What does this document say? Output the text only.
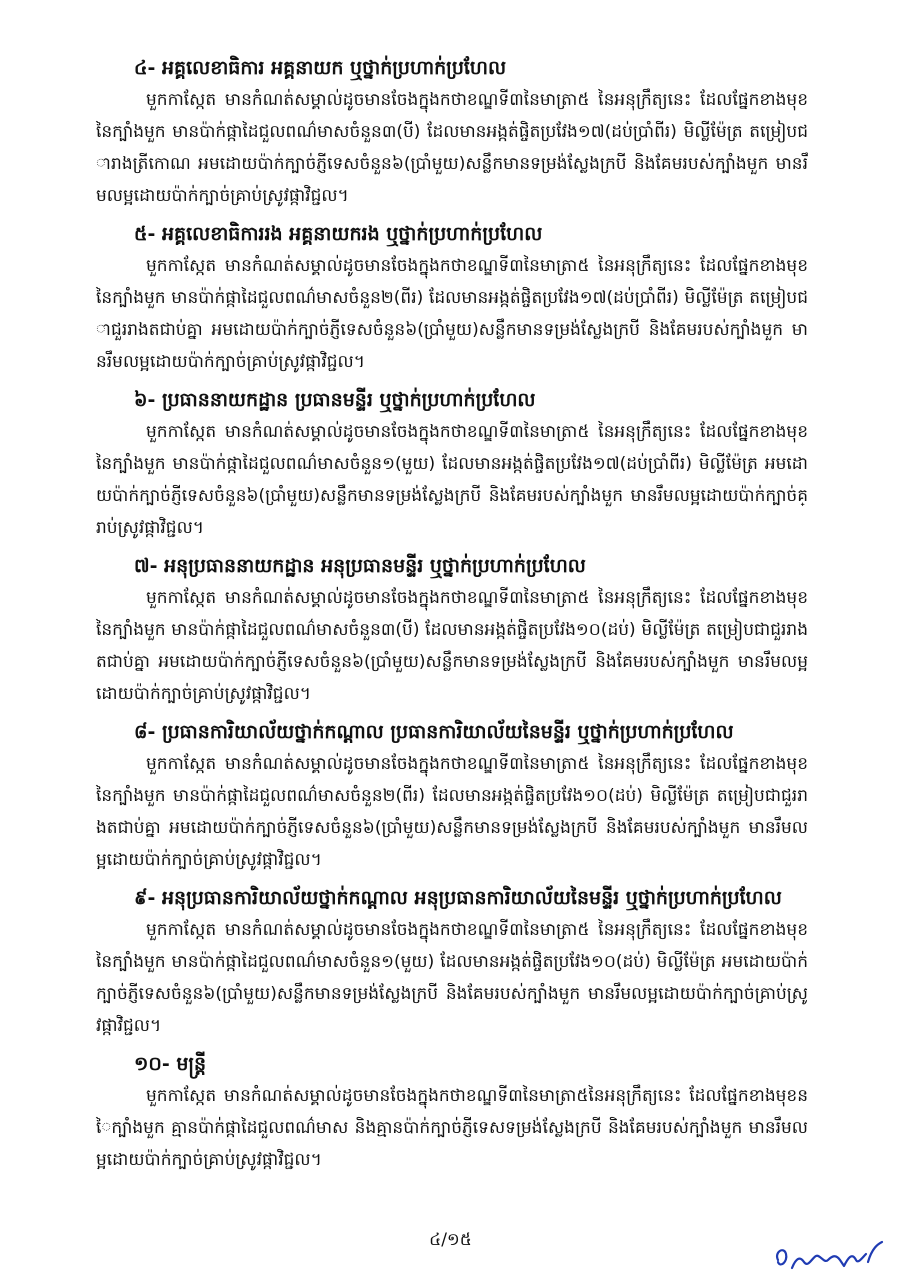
៤- អគ្គលេខាធិការ អគ្គនាយក ឬថ្នាក់ប្រហាក់ប្រហែល

មួកកាស្កែត មានកំណត់សម្គាល់ដូចមានចែងក្នុងកថាខណ្ឌទី៣នៃមាត្រា៥ នៃអនុក្រឹត្យនេះ ដែលផ្នែកខាងមុខនៃក្បាំងមួក មានប៉ាក់ផ្កាដៃជួលពណ៌មាសចំនួន៣(បី) ដែលមានអង្កត់ផ្ចិតប្រវែង១៧(ដប់ប្រាំពីរ) មិល្លីម៉ែត្រ តម្រៀបជារាងត្រីកោណ អមដោយប៉ាក់ក្បាច់ភ្ញីទេសចំនួន៦(ប្រាំមួយ)សន្លឹកមានទម្រង់ស្លែងក្របី និងគែមរបស់ក្បាំងមួក មានរឹមលម្អដោយប៉ាក់ក្បាច់គ្រាប់ស្រូវផ្កាវិជ្ជល។

៥- អគ្គលេខាធិការរង អគ្គនាយករង ឬថ្នាក់ប្រហាក់ប្រហែល

មួកកាស្កែត មានកំណត់សម្គាល់ដូចមានចែងក្នុងកថាខណ្ឌទី៣នៃមាត្រា៥ នៃអនុក្រឹត្យនេះ ដែលផ្នែកខាងមុខនៃក្បាំងមួក មានប៉ាក់ផ្កាដៃជួលពណ៌មាសចំនួន២(ពីរ) ដែលមានអង្កត់ផ្ចិតប្រវែង១៧(ដប់ប្រាំពីរ) មិល្លីម៉ែត្រ តម្រៀបជាជួររាងតជាប់គ្នា អមដោយប៉ាក់ក្បាច់ភ្ញីទេសចំនួន៦(ប្រាំមួយ)សន្លឹកមានទម្រង់ស្លែងក្របី និងគែមរបស់ក្បាំងមួក មានរឹមលម្អដោយប៉ាក់ក្បាច់គ្រាប់ស្រូវផ្កាវិជ្ជល។

៦- ប្រធាននាយកដ្ឋាន ប្រធានមន្ទីរ ឬថ្នាក់ប្រហាក់ប្រហែល

មួកកាស្កែត មានកំណត់សម្គាល់ដូចមានចែងក្នុងកថាខណ្ឌទី៣នៃមាត្រា៥ នៃអនុក្រឹត្យនេះ ដែលផ្នែកខាងមុខនៃក្បាំងមួក មានប៉ាក់ផ្កាដៃជួលពណ៌មាសចំនួន១(មួយ) ដែលមានអង្កត់ផ្ចិតប្រវែង១៧(ដប់ប្រាំពីរ) មិល្លីម៉ែត្រ អមដោយប៉ាក់ក្បាច់ភ្ញីទេសចំនួន៦(ប្រាំមួយ)សន្លឹកមានទម្រង់ស្លែងក្របី និងគែមរបស់ក្បាំងមួក មានរឹមលម្អដោយប៉ាក់ក្បាច់គ្រាប់ស្រូវផ្កាវិជ្ជល។

៧- អនុប្រធាននាយកដ្ឋាន អនុប្រធានមន្ទីរ ឬថ្នាក់ប្រហាក់ប្រហែល

មួកកាស្កែត មានកំណត់សម្គាល់ដូចមានចែងក្នុងកថាខណ្ឌទី៣នៃមាត្រា៥ នៃអនុក្រឹត្យនេះ ដែលផ្នែកខាងមុខនៃក្បាំងមួក មានប៉ាក់ផ្កាដៃជួលពណ៌មាសចំនួន៣(បី) ដែលមានអង្កត់ផ្ចិតប្រវែង១០(ដប់) មិល្លីម៉ែត្រ តម្រៀបជាជួររាងតជាប់គ្នា អមដោយប៉ាក់ក្បាច់ភ្ញីទេសចំនួន៦(ប្រាំមួយ)សន្លឹកមានទម្រង់ស្លែងក្របី និងគែមរបស់ក្បាំងមួក មានរឹមលម្អដោយប៉ាក់ក្បាច់គ្រាប់ស្រូវផ្កាវិជ្ជល។

៨- ប្រធានការិយាល័យថ្នាក់កណ្ដាល ប្រធានការិយាល័យនៃមន្ទីរ ឬថ្នាក់ប្រហាក់ប្រហែល

មួកកាស្កែត មានកំណត់សម្គាល់ដូចមានចែងក្នុងកថាខណ្ឌទី៣នៃមាត្រា៥ នៃអនុក្រឹត្យនេះ ដែលផ្នែកខាងមុខនៃក្បាំងមួក មានប៉ាក់ផ្កាដៃជួលពណ៌មាសចំនួន២(ពីរ) ដែលមានអង្កត់ផ្ចិតប្រវែង១០(ដប់) មិល្លីម៉ែត្រ តម្រៀបជាជួររាងតជាប់គ្នា អមដោយប៉ាក់ក្បាច់ភ្ញីទេសចំនួន៦(ប្រាំមួយ)សន្លឹកមានទម្រង់ស្លែងក្របី និងគែមរបស់ក្បាំងមួក មានរឹមលម្អដោយប៉ាក់ក្បាច់គ្រាប់ស្រូវផ្កាវិជ្ជល។

៩- អនុប្រធានការិយាល័យថ្នាក់កណ្ដាល អនុប្រធានការិយាល័យនៃមន្ទីរ ឬថ្នាក់ប្រហាក់ប្រហែល

មួកកាស្កែត មានកំណត់សម្គាល់ដូចមានចែងក្នុងកថាខណ្ឌទី៣នៃមាត្រា៥ នៃអនុក្រឹត្យនេះ ដែលផ្នែកខាងមុខនៃក្បាំងមួក មានប៉ាក់ផ្កាដៃជួលពណ៌មាសចំនួន១(មួយ) ដែលមានអង្កត់ផ្ចិតប្រវែង១០(ដប់) មិល្លីម៉ែត្រ អមដោយប៉ាក់ក្បាច់ភ្ញីទេសចំនួន៦(ប្រាំមួយ)សន្លឹកមានទម្រង់ស្លែងក្របី និងគែមរបស់ក្បាំងមួក មានរឹមលម្អដោយប៉ាក់ក្បាច់គ្រាប់ស្រូវផ្កាវិជ្ជល។

១០- មន្ត្រី

មួកកាស្កែត មានកំណត់សម្គាល់ដូចមានចែងក្នុងកថាខណ្ឌទី៣នៃមាត្រា៥នៃអនុក្រឹត្យនេះ ដែលផ្នែកខាងមុខនៃក្បាំងមួក គ្មានប៉ាក់ផ្កាដៃជួលពណ៌មាស និងគ្មានប៉ាក់ក្បាច់ភ្ញីទេសទម្រង់ស្លែងក្របី និងគែមរបស់ក្បាំងមួក មានរឹមលម្អដោយប៉ាក់ក្បាច់គ្រាប់ស្រូវផ្កាវិជ្ជល។

៤/១៥
